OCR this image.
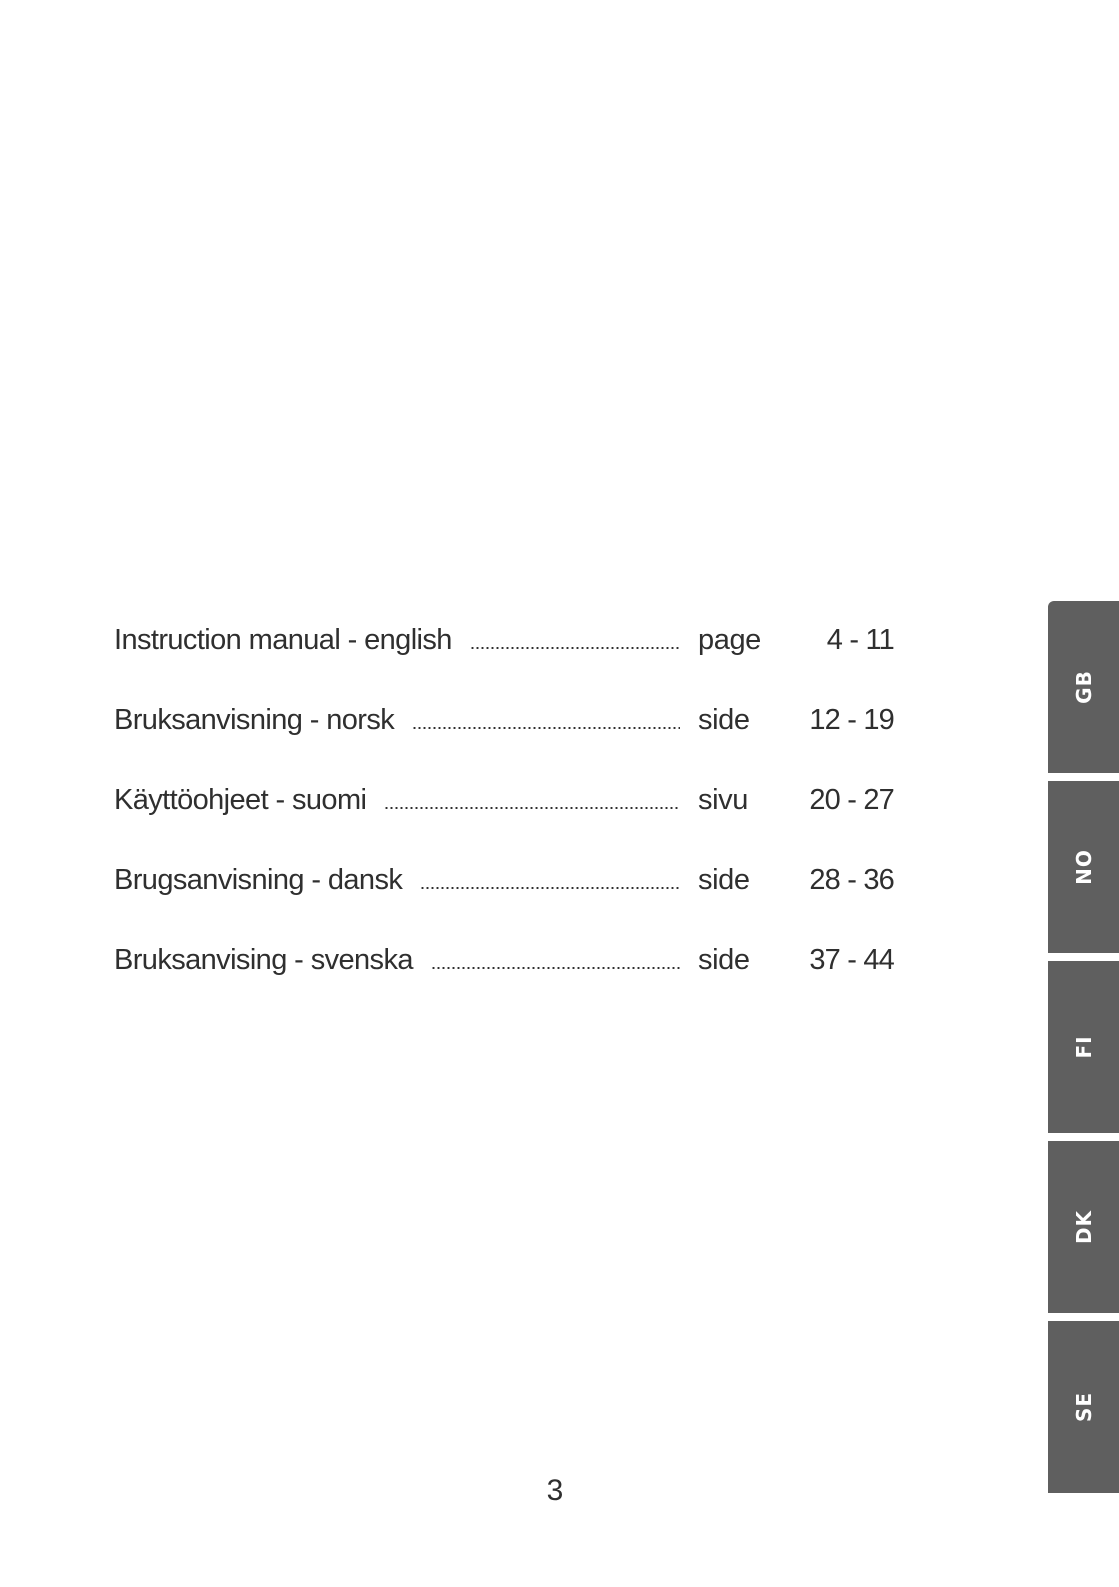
Instruction manual - english	page	4 - 11
Bruksanvisning - norsk	side	12 - 19
Käyttöohjeet - suomi	sivu	20 - 27
Brugsanvisning - dansk	side	28 - 36
Bruksanvising - svenska	side	37 - 44
GB
NO
FI
DK
SE
3
